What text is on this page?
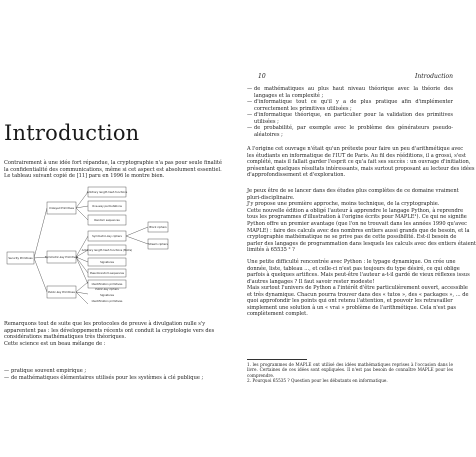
Introduction
Contrairement à une idée fort répandue, la cryptographie n'a pas pour seule finalité
la confidentialité des communications, même si cet aspect est absolument essentiel.
Le tableau suivant copié de [11] paru en 1996 le montre bien.
Security Primitives
Unkeyed Primitives
Symmetric-key Primitives
Public-key Primitives
Arbitrary length hash functions
One-way permutations
Random sequences
Symmetric-key ciphers
Arbitrary length hash functions (MACs)
Signatures
Pseudorandom sequences
Identification primitives
Block ciphers
Stream ciphers
Public-key ciphers
Signatures
Identification primitives
Remarquons tout de suite que les protocoles de preuve à divulgation nulle s'y
apparentent pas : les développements récents ont conduit la cryptologie vers des
considérations mathématiques très théoriques.
Cette science est un beau mélange de :
— pratique souvent empirique ;
— de mathématiques élémentaires utilisés pour les systèmes à clé publique ;
10	Introduction
— de mathématiques au plus haut niveau théorique avec la théorie des langages et la complexité ;
— d'informatique tout ce qu'il y a de plus pratique afin d'implémenter correctement les primitives utilisées ;
— d'informatique théorique, en particulier pour la validation des primitives utilisées ;
— de probabilité, par exemple avec le problème des générateurs pseudo-aléatoires ;
A l'origine cet ouvrage n'était qu'un prétexte pour faire un peu d'arithmétique avec
les étudiants en informatique de l'IUT de Paris. Au fil des rééditions, il a grossi, s'est
complété, mais il fallait garder l'esprit ce qu'a fait ses succès : un ouvrage d'initiation,
présentant quelques résultats intéressants, mais surtout proposant au lecteur des idées
d'approfondissement et d'exploration.
Je peux être de se lancer dans des études plus complètes de ce domaine vraiment
pluri-disciplinaire.
J'y propose une première approche, moins technique, de la cryptographie.
Cette nouvelle édition a obligé l'auteur à apprendre le langage Python, à reprendre
tous les programmes d'illustration à l'origine écrits pour MAPLE¹). Ce qui ne signifie
Python offre un premier avantage (que l'on ne trouvait dans les années 1990 qu'avec
MAPLE) : faire des calculs avec des nombres entiers aussi grands que de besoin, et la
cryptographie mathématique ne se prive pas de cette possibilité. Est-il besoin de
parler des langages de programmation dans lesquels les calculs avec des entiers étaient
limités à 65535 ² ?
Une petite difficulté rencontrée avec Python : le typage dynamique. On crée une
donnée, liste, tableau ..., et celle-ci n'est pas toujours du type désiré, ce qui oblige
parfois à quelques artifices. Mais peut-être l'auteur a-t-il gardé de vieux réflexes issus
d'autres langages ? Il faut savoir rester modeste!
Mais surtout l'univers de Python a l'intérêt d'être particulièrement ouvert, accessible
et très dynamique. Chacun pourra trouver dans des « tutos », des « packages », ... de
quoi approfondir les points qui ont retenu l'attention, et pouvoir les retravailler
simplement une solution à un « vrai » problème de l'arithmétique. Cela n'est pas
complètement complet.
1. les programmes de MAPLE ont utilisé des idées mathématiques reprises à l'occasion dans le livre. Certaines de ces idées sont expliquées. Il n'est pas besoin de connaître MAPLE pour les comprendre.
2. Pourquoi 65535 ? Question pour les débutants en informatique.
